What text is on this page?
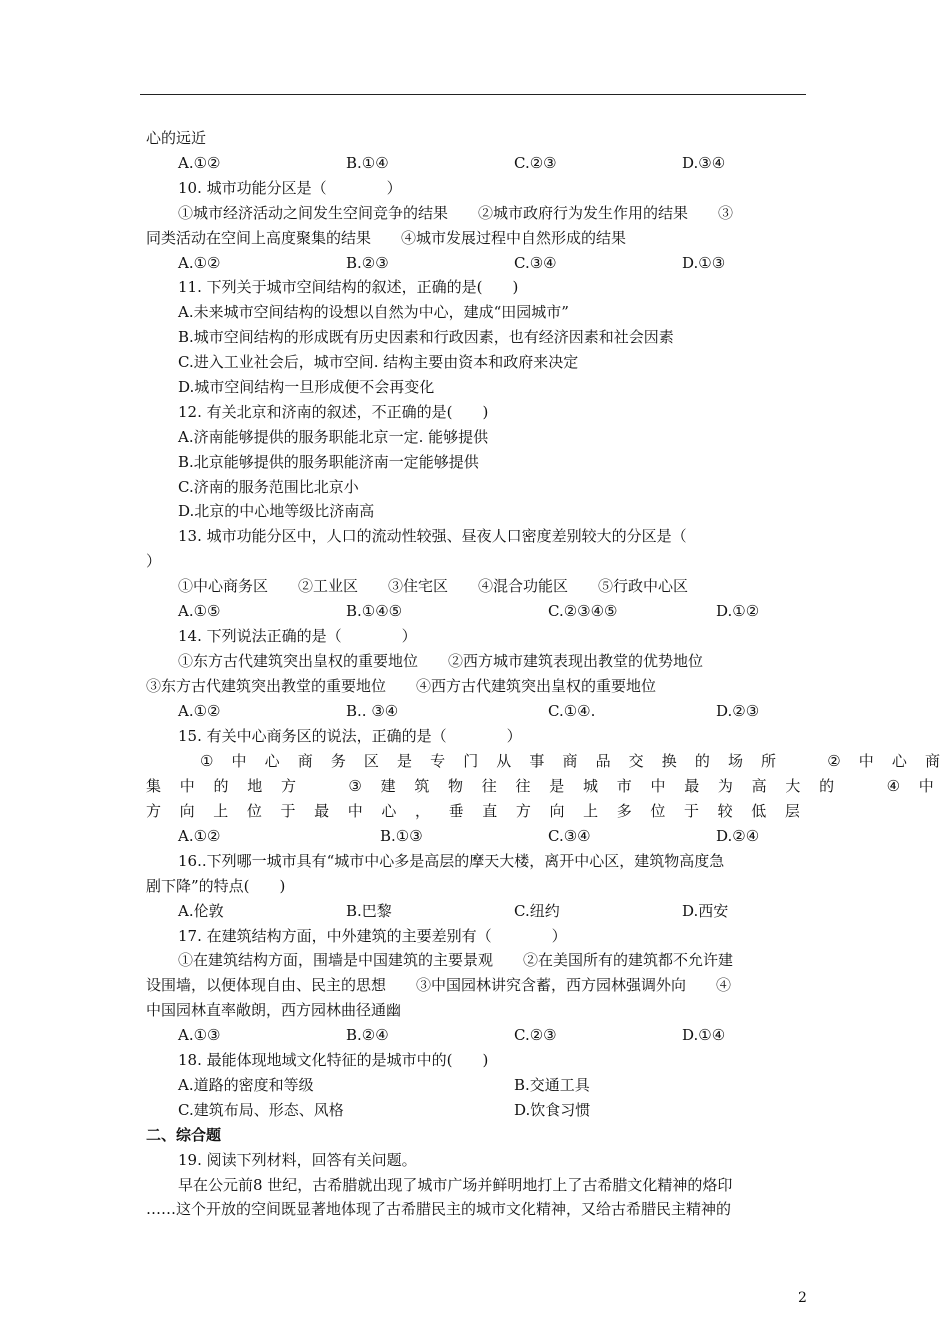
心的远近
A.①②	B.①④	C.②③	D.③④
10. 城市功能分区是（　　　　）
①城市经济活动之间发生空间竞争的结果　　②城市政府行为发生作用的结果　　③
同类活动在空间上高度聚集的结果　　④城市发展过程中自然形成的结果
A.①②	B.②③	C.③④	D.①③
11. 下列关于城市空间结构的叙述，正确的是(　　)
A.未来城市空间结构的设想以自然为中心，建成“田园城市”
B.城市空间结构的形成既有历史因素和行政因素，也有经济因素和社会因素
C.进入工业社会后，城市空间. 结构主要由资本和政府来决定
D.城市空间结构一旦形成便不会再变化
12. 有关北京和济南的叙述，不正确的是(　　)
A.济南能够提供的服务职能北京一定. 能够提供
B.北京能够提供的服务职能济南一定能够提供
C.济南的服务范围比北京小
D.北京的中心地等级比济南高
13. 城市功能分区中，人口的流动性较强、昼夜人口密度差别较大的分区是（
）
①中心商务区　　②工业区　　③住宅区　　④混合功能区　　⑤行政中心区
A.①⑤	B.①④⑤	C.②③④⑤	D.①②
14. 下列说法正确的是（　　　　）
①东方古代建筑突出皇权的重要地位　　②西方城市建筑表现出教堂的优势地位
③东方古代建筑突出教堂的重要地位　　④西方古代建筑突出皇权的重要地位
A.①②	B.. ③④	C.①④.	D.②③
15. 有关中心商务区的说法，正确的是（　　　　）
① 中 心 商 务 区 是 专 门 从 事 商 品 交 换 的 场 所
　	② 中 心 商
集 中 的 地 方
　	③ 建 筑 物 往 往 是 城 市 中 最 为 高 大 的
　	④ 中
方 向 上 位 于 最 中 心 ， 垂 直 方 向 上 多 位 于 较 低 层
A.①②	B.①③	C.③④	D.②④
16..下列哪一城市具有“城市中心多是高层的摩天大楼，离开中心区，建筑物高度急
剧下降”的特点(　　)
A.伦敦	B.巴黎	C.纽约	D.西安
17. 在建筑结构方面，中外建筑的主要差别有（　　　　）
①在建筑结构方面，围墙是中国建筑的主要景观　　②在美国所有的建筑都不允许建
设围墙，以便体现自由、民主的思想　　③中国园林讲究含蓄，西方园林强调外向　　④
中国园林直率敞朗，西方园林曲径通幽
A.①③	B.②④	C.②③	D.①④
18. 最能体现地域文化特征的是城市中的(　　)
A.道路的密度和等级	B.交通工具
C.建筑布局、形态、风格	D.饮食习惯
二、综合题
19. 阅读下列材料，回答有关问题。
早在公元前8 世纪，古希腊就出现了城市广场并鲜明地打上了古希腊文化精神的烙印
……这个开放的空间既显著地体现了古希腊民主的城市文化精神，又给古希腊民主精神的
2
